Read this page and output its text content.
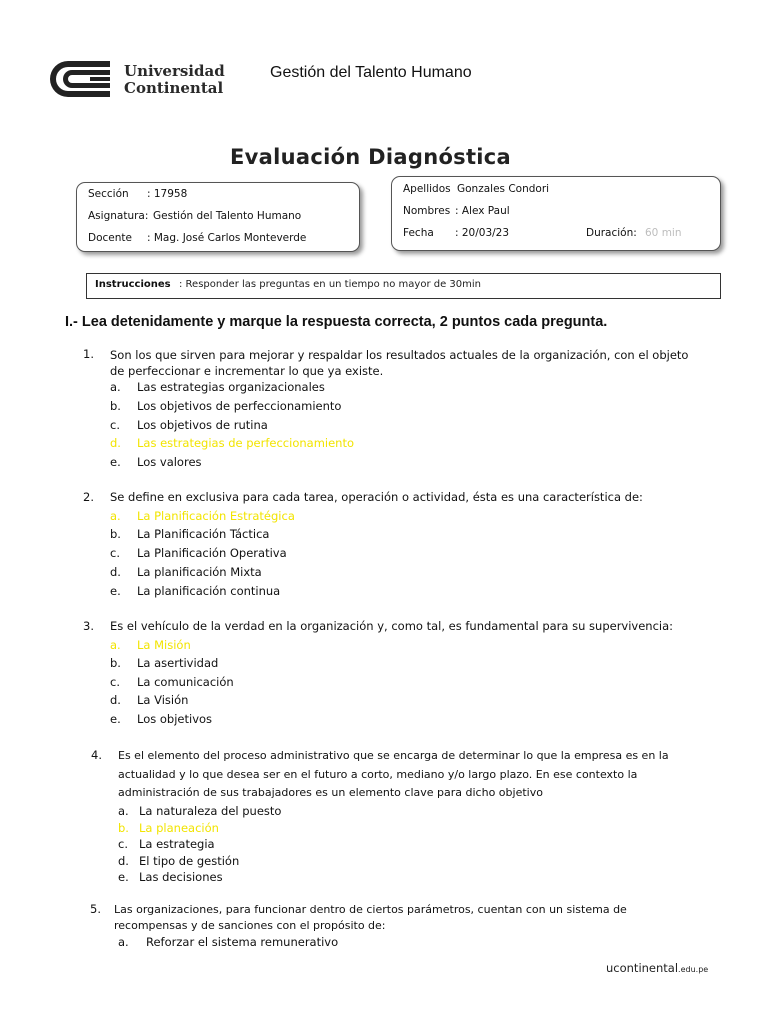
Universidad
Continental
Gestión del Talento Humano
Evaluación Diagnóstica
Sección : 17958
Asignatura: Gestión del Talento Humano
Docente : Mag. José Carlos Monteverde
Apellidos Gonzales Condori
Nombres : Alex Paul
Fecha : 20/03/23	Duración: 60 min
Instrucciones : Responder las preguntas en un tiempo no mayor de 30min
I.- Lea detenidamente y marque la respuesta correcta, 2 puntos cada pregunta.
1. Son los que sirven para mejorar y respaldar los resultados actuales de la organización, con el objeto
de perfeccionar e incrementar lo que ya existe.
a. Las estrategias organizacionales
b. Los objetivos de perfeccionamiento
c. Los objetivos de rutina
d. Las estrategias de perfeccionamiento
e. Los valores
2. Se define en exclusiva para cada tarea, operación o actividad, ésta es una característica de:
a. La Planificación Estratégica
b. La Planificación Táctica
c. La Planificación Operativa
d. La planificación Mixta
e. La planificación continua
3. Es el vehículo de la verdad en la organización y, como tal, es fundamental para su supervivencia:
a. La Misión
b. La asertividad
c. La comunicación
d. La Visión
e. Los objetivos
4. Es el elemento del proceso administrativo que se encarga de determinar lo que la empresa es en la
actualidad y lo que desea ser en el futuro a corto, mediano y/o largo plazo. En ese contexto la
administración de sus trabajadores es un elemento clave para dicho objetivo
a. La naturaleza del puesto
b. La planeación
c. La estrategia
d. El tipo de gestión
e. Las decisiones
5. Las organizaciones, para funcionar dentro de ciertos parámetros, cuentan con un sistema de
recompensas y de sanciones con el propósito de:
a. Reforzar el sistema remunerativo
ucontinental.edu.pe
